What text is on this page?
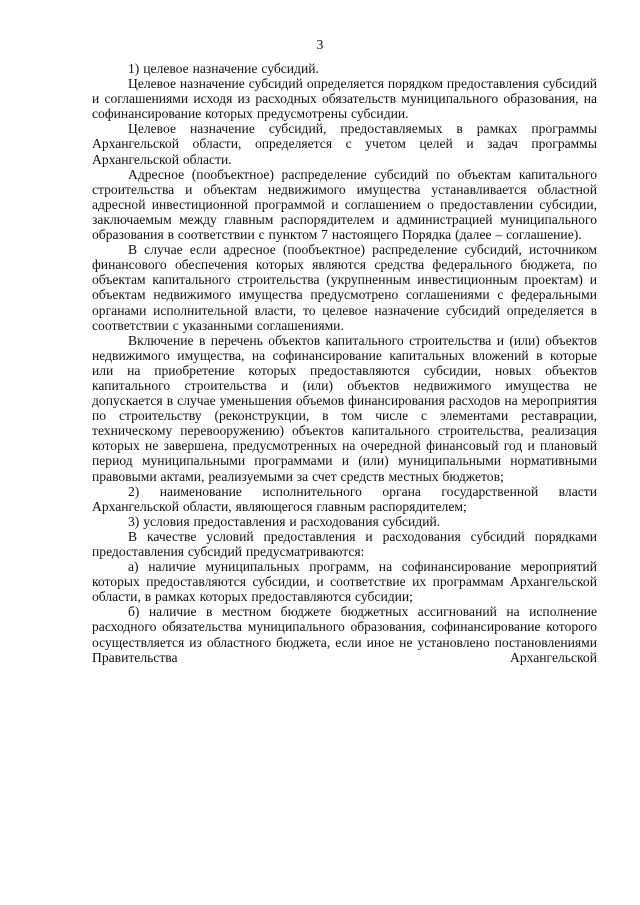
3

1) целевое назначение субсидий.

Целевое назначение субсидий определяется порядком предоставления субсидий и соглашениями исходя из расходных обязательств муниципального образования, на софинансирование которых предусмотрены субсидии.

Целевое назначение субсидий, предоставляемых в рамках программы Архангельской области, определяется с учетом целей и задач программы Архангельской области.

Адресное (пообъектное) распределение субсидий по объектам капитального строительства и объектам недвижимого имущества устанавливается областной адресной инвестиционной программой и соглашением о предоставлении субсидии, заключаемым между главным распорядителем и администрацией муниципального образования в соответствии с пунктом 7 настоящего Порядка (далее – соглашение).

В случае если адресное (пообъектное) распределение субсидий, источником финансового обеспечения которых являются средства федерального бюджета, по объектам капитального строительства (укрупненным инвестиционным проектам) и объектам недвижимого имущества предусмотрено соглашениями с федеральными органами исполнительной власти, то целевое назначение субсидий определяется в соответствии с указанными соглашениями.

Включение в перечень объектов капитального строительства и (или) объектов недвижимого имущества, на софинансирование капитальных вложений в которые или на приобретение которых предоставляются субсидии, новых объектов капитального строительства и (или) объектов недвижимого имущества не допускается в случае уменьшения объемов финансирования расходов на мероприятия по строительству (реконструкции, в том числе с элементами реставрации, техническому перевооружению) объектов капитального строительства, реализация которых не завершена, предусмотренных на очередной финансовый год и плановый период муниципальными программами и (или) муниципальными нормативными правовыми актами, реализуемыми за счет средств местных бюджетов;

2) наименование исполнительного органа государственной власти Архангельской области, являющегося главным распорядителем;

3) условия предоставления и расходования субсидий.

В качестве условий предоставления и расходования субсидий порядками предоставления субсидий предусматриваются:

а) наличие муниципальных программ, на софинансирование мероприятий которых предоставляются субсидии, и соответствие их программам Архангельской области, в рамках которых предоставляются субсидии;

б) наличие в местном бюджете бюджетных ассигнований на исполнение расходного обязательства муниципального образования, софинансирование которого осуществляется из областного бюджета, если иное не установлено постановлениями Правительства Архангельской
